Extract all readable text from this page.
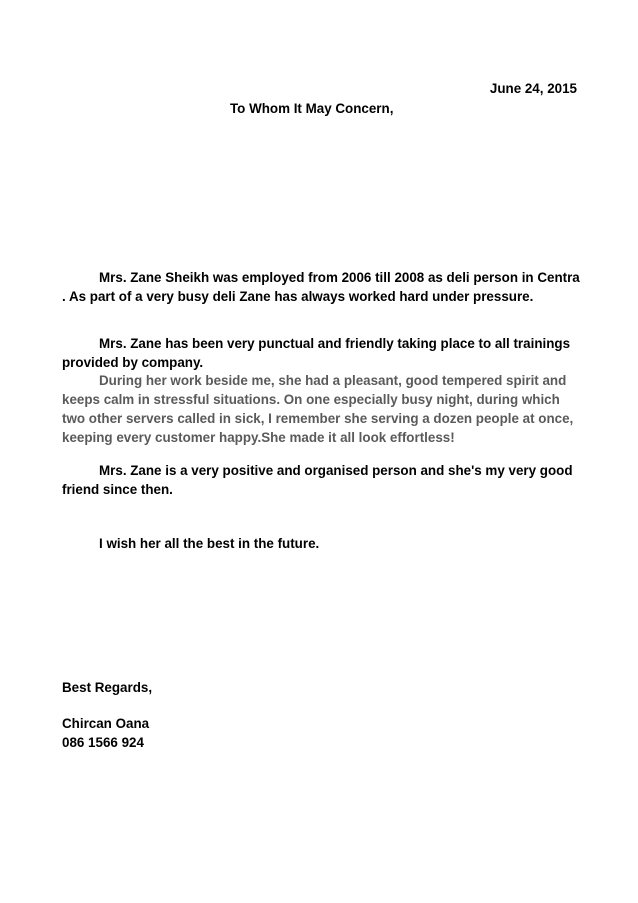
June 24, 2015
To Whom It May Concern,

Mrs. Zane Sheikh was employed from 2006 till 2008 as deli person in Centra . As part of a very busy deli Zane has always worked hard under pressure.

Mrs. Zane has been very punctual and friendly taking place to all trainings provided by company.

During her work beside me, she had a pleasant, good tempered spirit and keeps calm in stressful situations. On one especially busy night, during which two other servers called in sick, I remember she serving a dozen people at once, keeping every customer happy.She made it all look effortless!

Mrs. Zane is a very positive and organised person and she's my very good friend since then.

I wish her all the best in the future.
Best Regards,
Chircan Oana
086 1566 924
